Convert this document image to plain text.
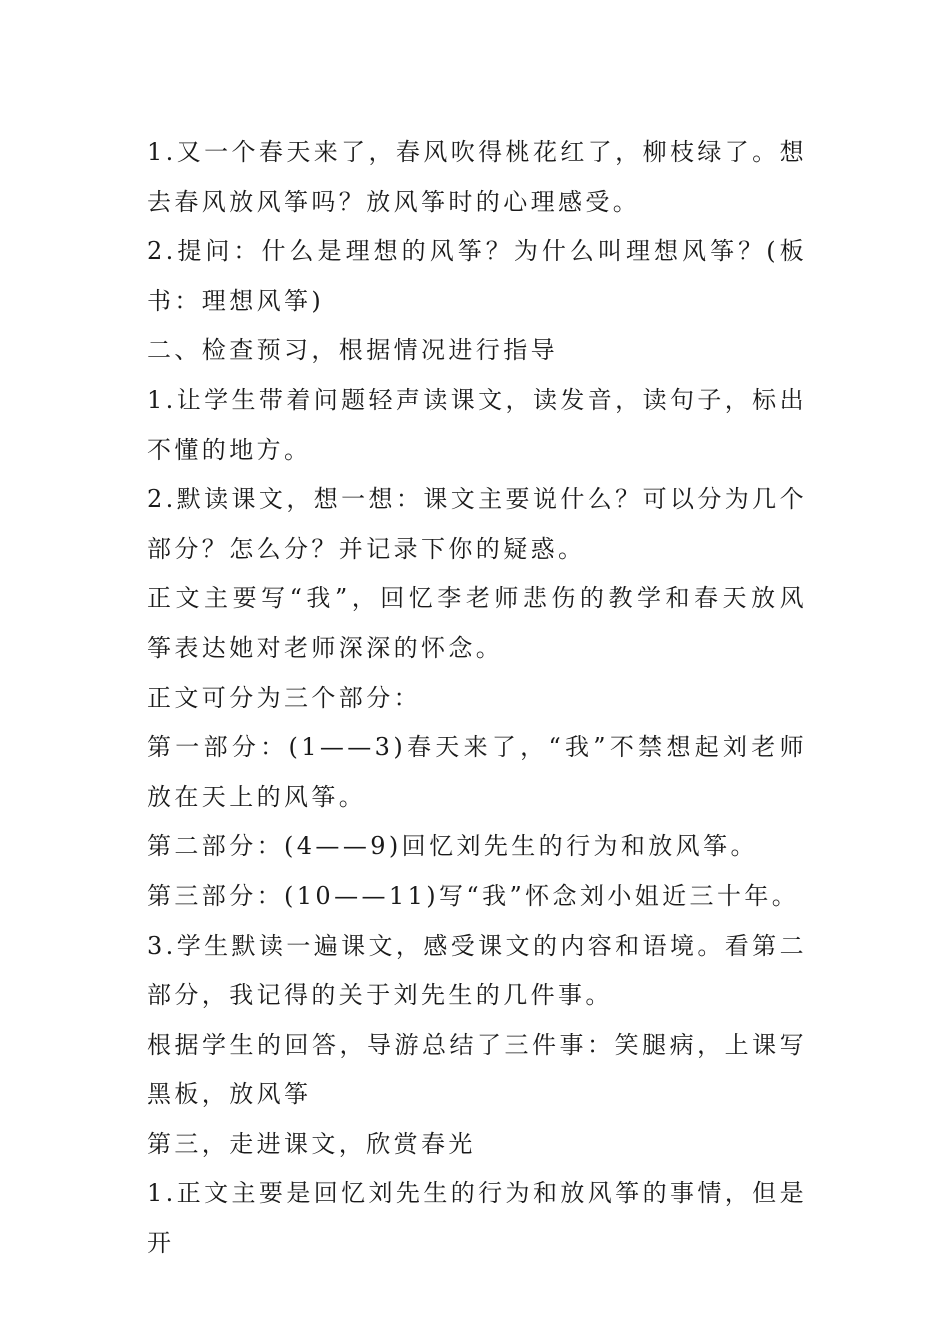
1.又一个春天来了，春风吹得桃花红了，柳枝绿了。想去春风放风筝吗？放风筝时的心理感受。

2.提问：什么是理想的风筝？为什么叫理想风筝？(板书：理想风筝)

二、检查预习，根据情况进行指导

1.让学生带着问题轻声读课文，读发音，读句子，标出不懂的地方。

2.默读课文，想一想：课文主要说什么？可以分为几个部分？怎么分？并记录下你的疑惑。

正文主要写“我”，回忆李老师悲伤的教学和春天放风筝表达她对老师深深的怀念。

正文可分为三个部分：

第一部分：(1——3)春天来了，“我”不禁想起刘老师放在天上的风筝。

第二部分：(4——9)回忆刘先生的行为和放风筝。

第三部分：(10——11)写“我”怀念刘小姐近三十年。

3.学生默读一遍课文，感受课文的内容和语境。看第二部分，我记得的关于刘先生的几件事。

根据学生的回答，导游总结了三件事：笑腿病，上课写黑板，放风筝

第三，走进课文，欣赏春光

1.正文主要是回忆刘先生的行为和放风筝的事情，但是开
